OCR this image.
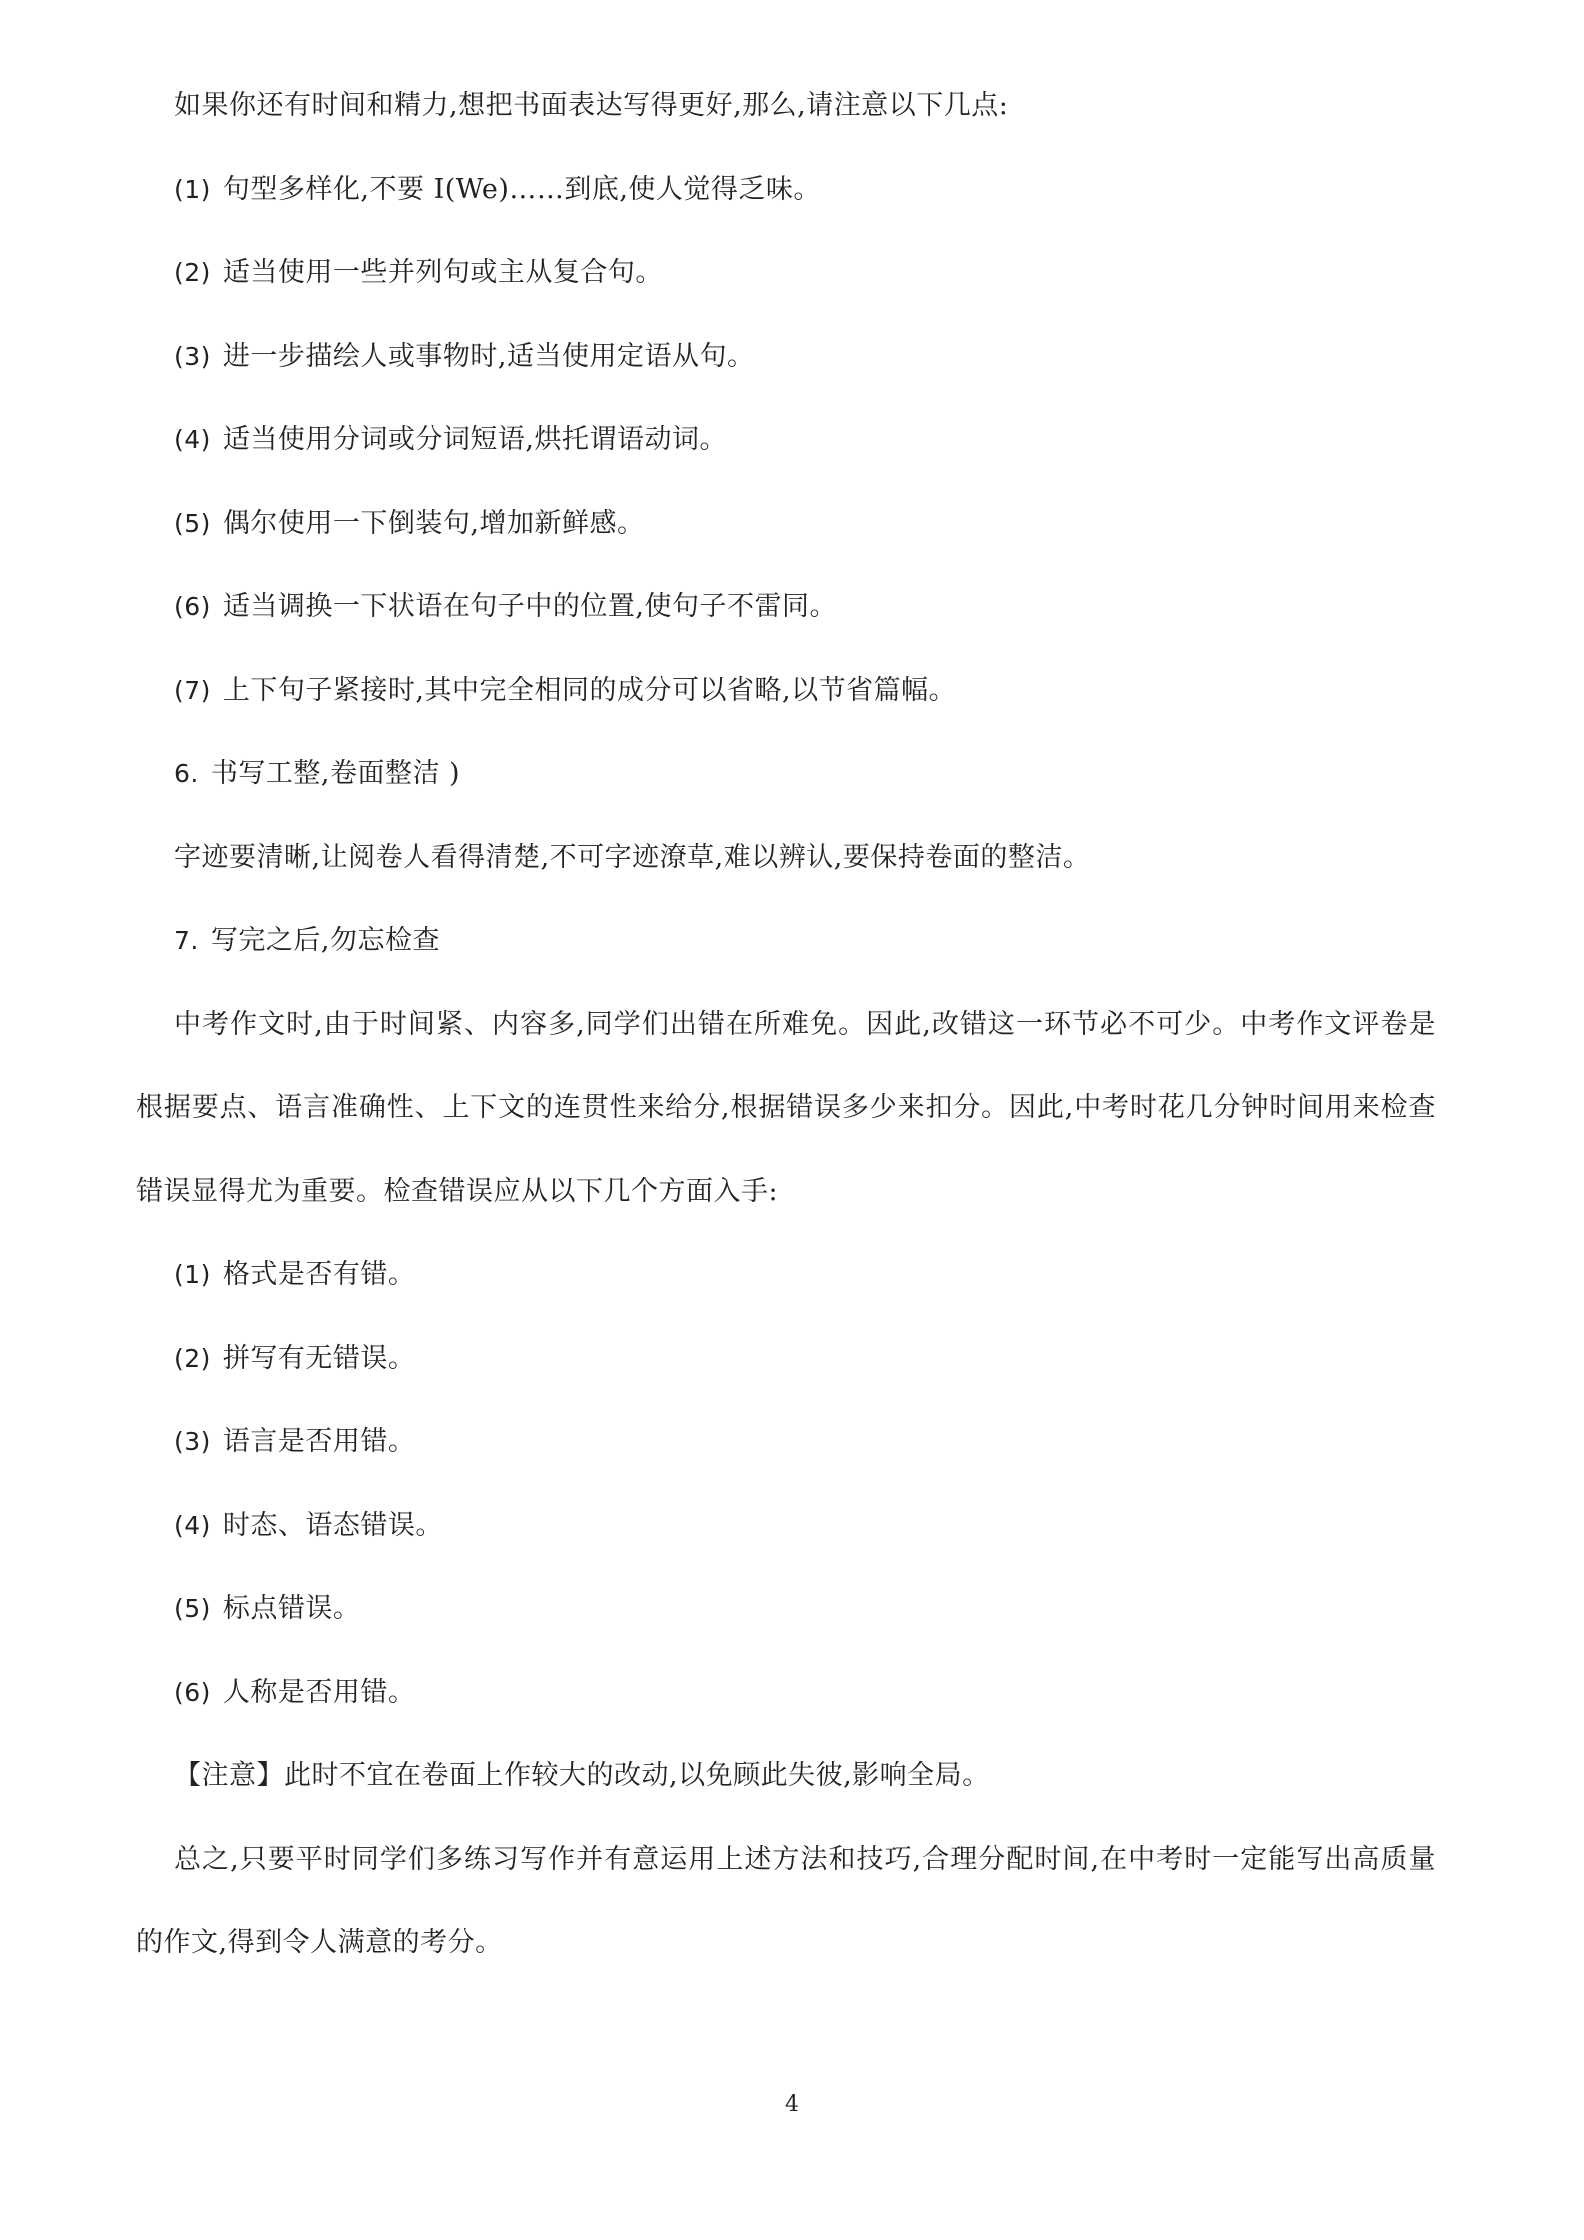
如果你还有时间和精力,想把书面表达写得更好,那么,请注意以下几点:
(1) 句型多样化,不要 I(We)……到底,使人觉得乏味。
(2) 适当使用一些并列句或主从复合句。
(3) 进一步描绘人或事物时,适当使用定语从句。
(4) 适当使用分词或分词短语,烘托谓语动词。
(5) 偶尔使用一下倒装句,增加新鲜感。
(6) 适当调换一下状语在句子中的位置,使句子不雷同。
(7) 上下句子紧接时,其中完全相同的成分可以省略,以节省篇幅。
6. 书写工整,卷面整洁 )
字迹要清晰,让阅卷人看得清楚,不可字迹潦草,难以辨认,要保持卷面的整洁。
7. 写完之后,勿忘检查
中考作文时,由于时间紧、内容多,同学们出错在所难免。因此,改错这一环节必不可少。中考作文评卷是
根据要点、语言准确性、上下文的连贯性来给分,根据错误多少来扣分。因此,中考时花几分钟时间用来检查
错误显得尤为重要。检查错误应从以下几个方面入手:
(1) 格式是否有错。
(2) 拼写有无错误。
(3) 语言是否用错。
(4) 时态、语态错误。
(5) 标点错误。
(6) 人称是否用错。
【注意】此时不宜在卷面上作较大的改动,以免顾此失彼,影响全局。
总之,只要平时同学们多练习写作并有意运用上述方法和技巧,合理分配时间,在中考时一定能写出高质量
的作文,得到令人满意的考分。
4
